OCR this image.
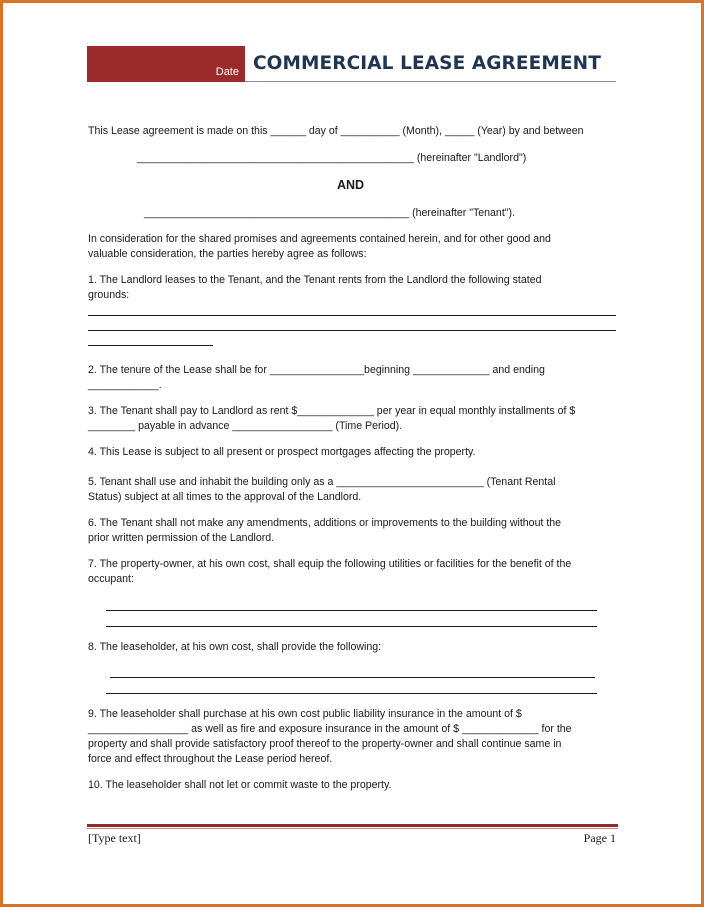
Date COMMERCIAL LEASE AGREEMENT
This Lease agreement is made on this ______ day of __________ (Month), _____ (Year) by and between
_______________________________________________ (hereinafter "Landlord")
AND
_____________________________________________ (hereinafter "Tenant").
In consideration for the shared promises and agreements contained herein, and for other good and
valuable consideration, the parties hereby agree as follows:
1. The Landlord leases to the Tenant, and the Tenant rents from the Landlord the following stated
grounds:
2. The tenure of the Lease shall be for ________________beginning _____________ and ending
____________.
3. The Tenant shall pay to Landlord as rent $_____________ per year in equal monthly installments of $
________ payable in advance _________________ (Time Period).
4. This Lease is subject to all present or prospect mortgages affecting the property.
5. Tenant shall use and inhabit the building only as a _________________________ (Tenant Rental
Status) subject at all times to the approval of the Landlord.
6. The Tenant shall not make any amendments, additions or improvements to the building without the
prior written permission of the Landlord.
7. The property-owner, at his own cost, shall equip the following utilities or facilities for the benefit of the
occupant:
8. The leaseholder, at his own cost, shall provide the following:
9. The leaseholder shall purchase at his own cost public liability insurance in the amount of $
_________________ as well as fire and exposure insurance in the amount of $ _____________ for the
property and shall provide satisfactory proof thereof to the property-owner and shall continue same in
force and effect throughout the Lease period hereof.
10. The leaseholder shall not let or commit waste to the property.
[Type text]	Page 1
